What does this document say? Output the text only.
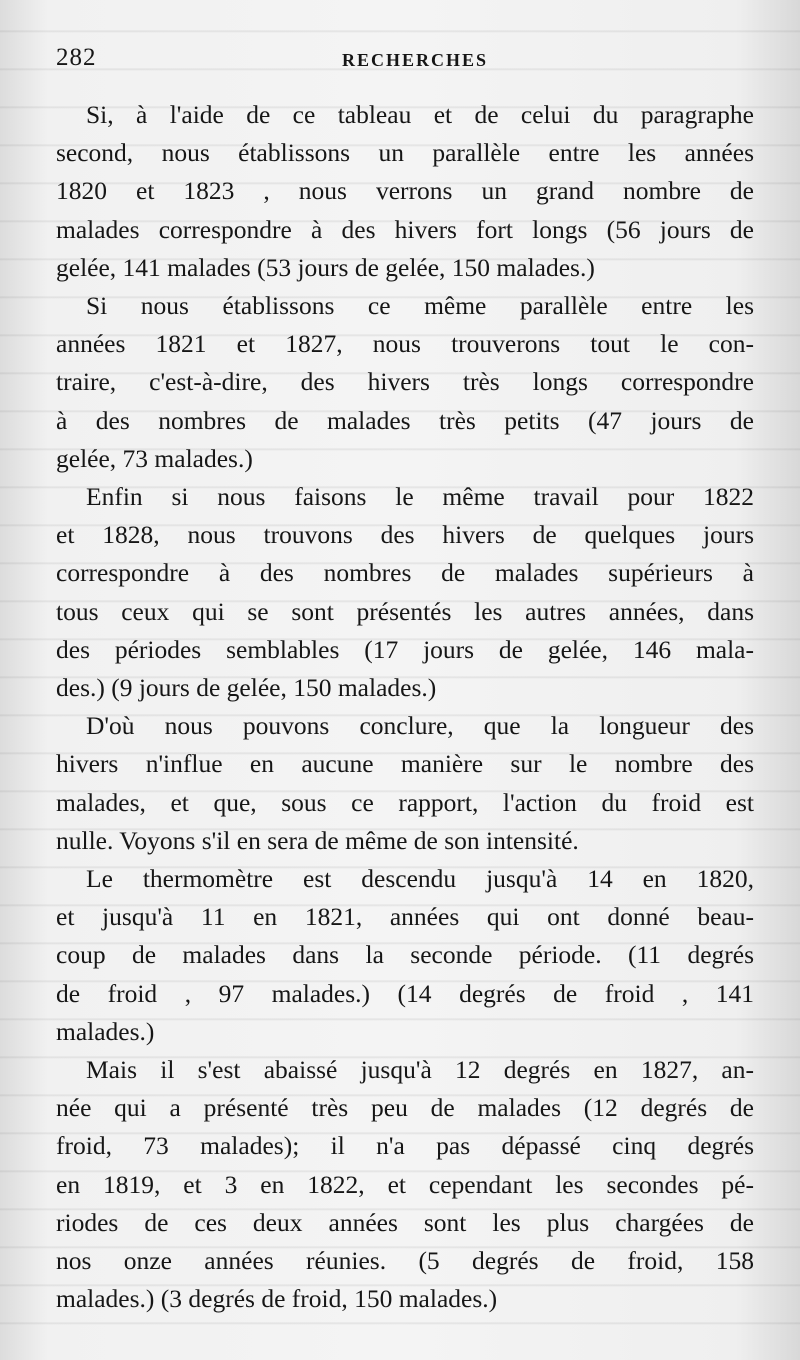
282	RECHERCHES

Si, à l'aide de ce tableau et de celui du paragraphe
second, nous établissons un parallèle entre les années
1820 et 1823 , nous verrons un grand nombre de
malades correspondre à des hivers fort longs (56 jours de
gelée, 141 malades (53 jours de gelée, 150 malades.)

Si nous établissons ce même parallèle entre les
années 1821 et 1827, nous trouverons tout le con-
traire, c'est-à-dire, des hivers très longs correspondre
à des nombres de malades très petits (47 jours de
gelée, 73 malades.)

Enfin si nous faisons le même travail pour 1822
et 1828, nous trouvons des hivers de quelques jours
correspondre à des nombres de malades supérieurs à
tous ceux qui se sont présentés les autres années, dans
des périodes semblables (17 jours de gelée, 146 mala-
des.) (9 jours de gelée, 150 malades.)

D'où nous pouvons conclure, que la longueur des
hivers n'influe en aucune manière sur le nombre des
malades, et que, sous ce rapport, l'action du froid est
nulle. Voyons s'il en sera de même de son intensité.

Le thermomètre est descendu jusqu'à 14 en 1820,
et jusqu'à 11 en 1821, années qui ont donné beau-
coup de malades dans la seconde période. (11 degrés
de froid , 97 malades.) (14 degrés de froid , 141
malades.)

Mais il s'est abaissé jusqu'à 12 degrés en 1827, an-
née qui a présenté très peu de malades (12 degrés de
froid, 73 malades); il n'a pas dépassé cinq degrés
en 1819, et 3 en 1822, et cependant les secondes pé-
riodes de ces deux années sont les plus chargées de
nos onze années réunies. (5 degrés de froid, 158
malades.) (3 degrés de froid, 150 malades.)
